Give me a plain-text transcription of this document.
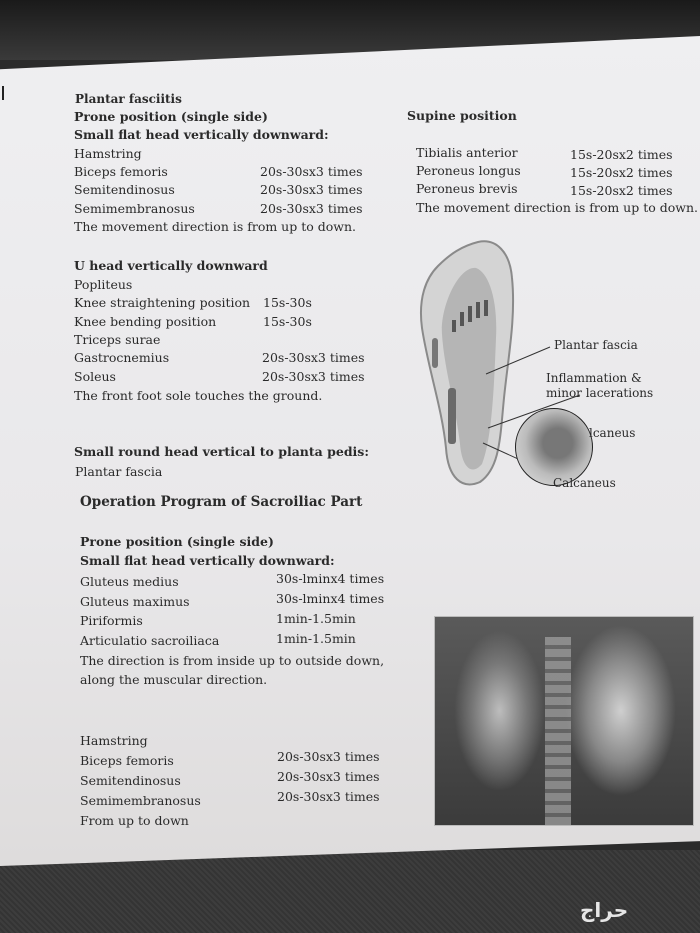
Plantar fasciitis
Prone position (single side)
Small flat head vertically downward:
Hamstring
Biceps femoris	20s-30sx3 times
Semitendinosus	20s-30sx3 times
Semimembranosus	20s-30sx3 times
The movement direction is from up to down.
U head vertically downward
Popliteus
Knee straightening position 15s-30s
Knee bending position	15s-30s
Triceps surae
Gastrocnemius	20s-30sx3 times
Soleus	20s-30sx3 times
The front foot sole touches the ground.
Small round head vertical to planta pedis:
Plantar fascia
Operation Program of Sacroiliac Part
Prone position (single side)
Small flat head vertically downward:
Gluteus medius	30s-lminx4 times
Gluteus maximus	30s-lminx4 times
Piriformis	1min-1.5min
Articulatio sacroiliaca	1min-1.5min
The direction is from inside up to outside down,
along the muscular direction.
Hamstring
Biceps femoris	20s-30sx3 times
Semitendinosus	20s-30sx3 times
Semimembranosus	20s-30sx3 times
From up to down
Supine position
Tibialis anterior	15s-20sx2 times
Peroneus longus	15s-20sx2 times
Peroneus brevis	15s-20sx2 times
The movement direction is from up to down.
Plantar fascia
Inflammation &
minor lacerations
lcaneus
Calcaneus
حراج
